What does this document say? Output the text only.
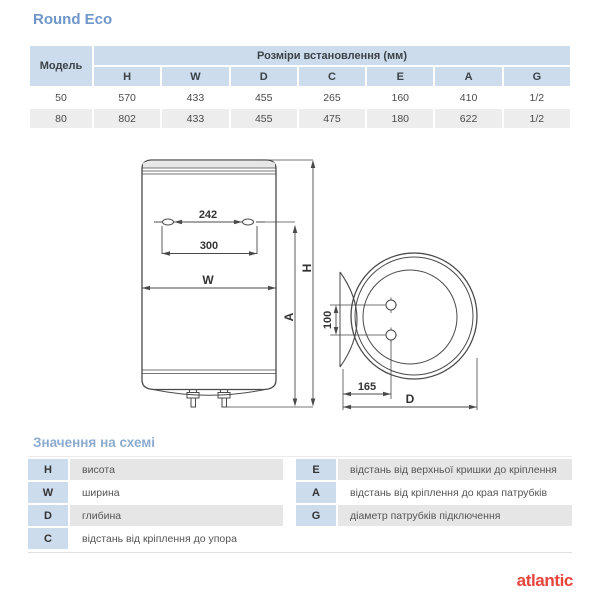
Round Eco
Модель	Розміри встановлення (мм)						
	H	W	D	C	E	A	G
50	570	433	455	265	160	410	1/2
80	802	433	455	475	180	622	1/2
242
300
W
A
H
100
165
D
Значення на схемі
H	висота
W	ширина
D	глибина
C	відстань від кріплення до упора
E	відстань від верхньої кришки до кріплення
A	відстань від кріплення до края патрубків
G	діаметр патрубків підключення
atlantic
